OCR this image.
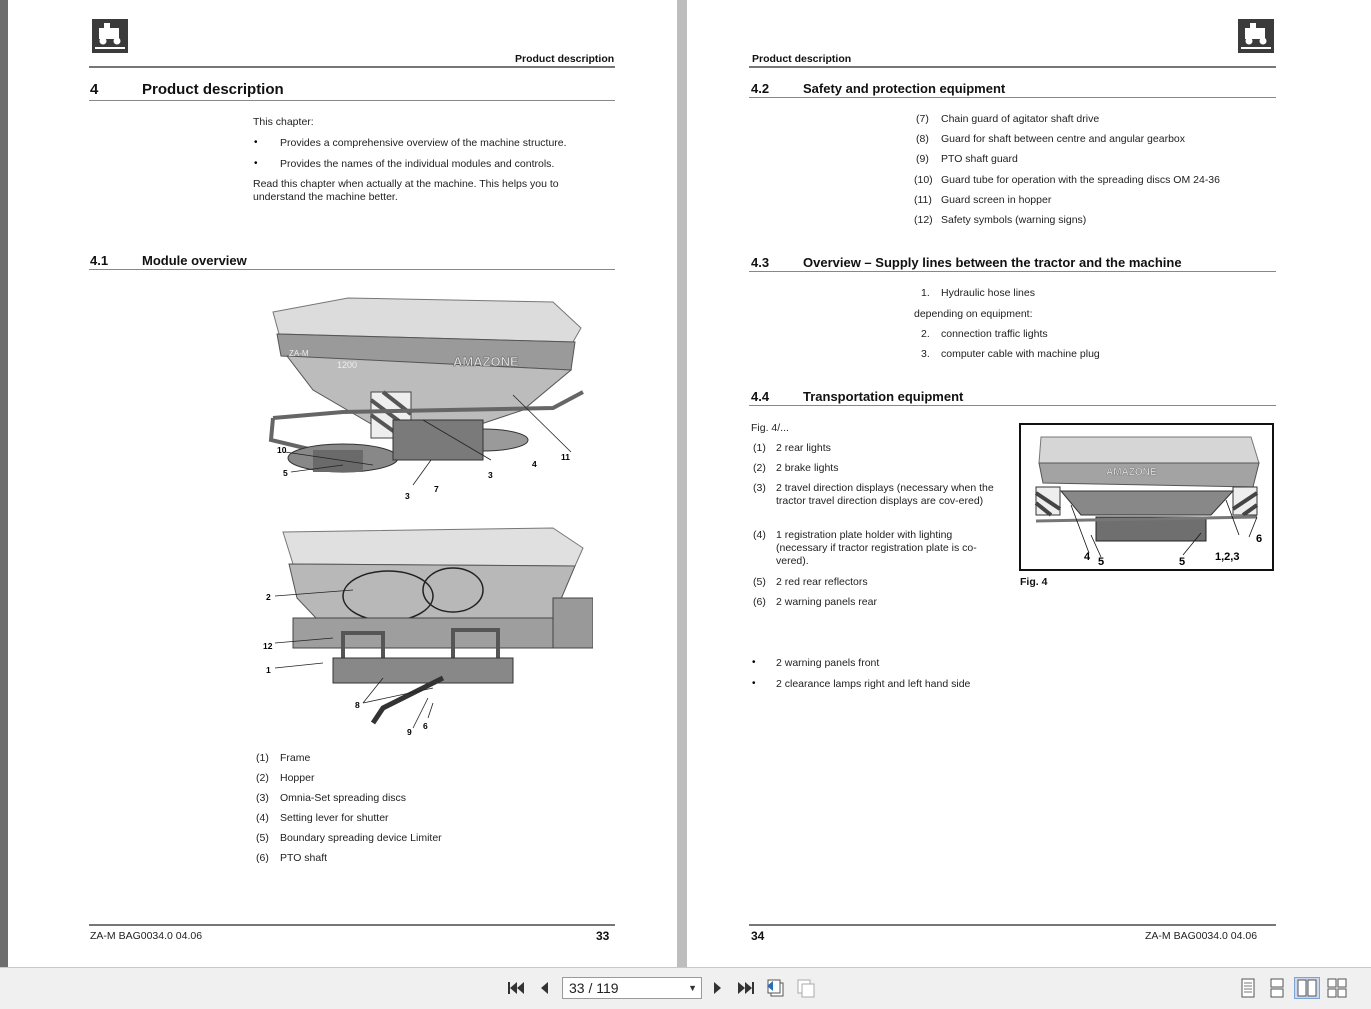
Product description
4	Product description
This chapter:
• Provides a comprehensive overview of the machine structure.
• Provides the names of the individual modules and controls.
Read this chapter when actually at the machine. This helps you to understand the machine better.
4.1	Module overview
AMAZONE
1200
ZA-M
10
5
3
7
3
4
11
2
12
1
8
9
6
(1) Frame
(2) Hopper
(3) Omnia-Set spreading discs
(4) Setting lever for shutter
(5) Boundary spreading device Limiter
(6) PTO shaft
ZA-M BAG0034.0 04.06	33
Product description
4.2	Safety and protection equipment
(7) Chain guard of agitator shaft drive
(8) Guard for shaft between centre and angular gearbox
(9) PTO shaft guard
(10) Guard tube for operation with the spreading discs OM 24-36
(11) Guard screen in hopper
(12) Safety symbols (warning signs)
4.3	Overview – Supply lines between the tractor and the machine
1. Hydraulic hose lines
depending on equipment:
2. connection traffic lights
3. computer cable with machine plug
4.4	Transportation equipment
Fig. 4/...
(1) 2 rear lights
(2) 2 brake lights
(3) 2 travel direction displays (necessary when the tractor travel direction displays are cov-ered)
(4) 1 registration plate holder with lighting (necessary if tractor registration plate is co-vered).
(5) 2 red rear reflectors
(6) 2 warning panels rear
• 2 warning panels front
• 2 clearance lamps right and left hand side
AMAZONE
4 5	5	1,2,3
6
Fig. 4
34	ZA-M BAG0034.0 04.06
33 / 119	▼
